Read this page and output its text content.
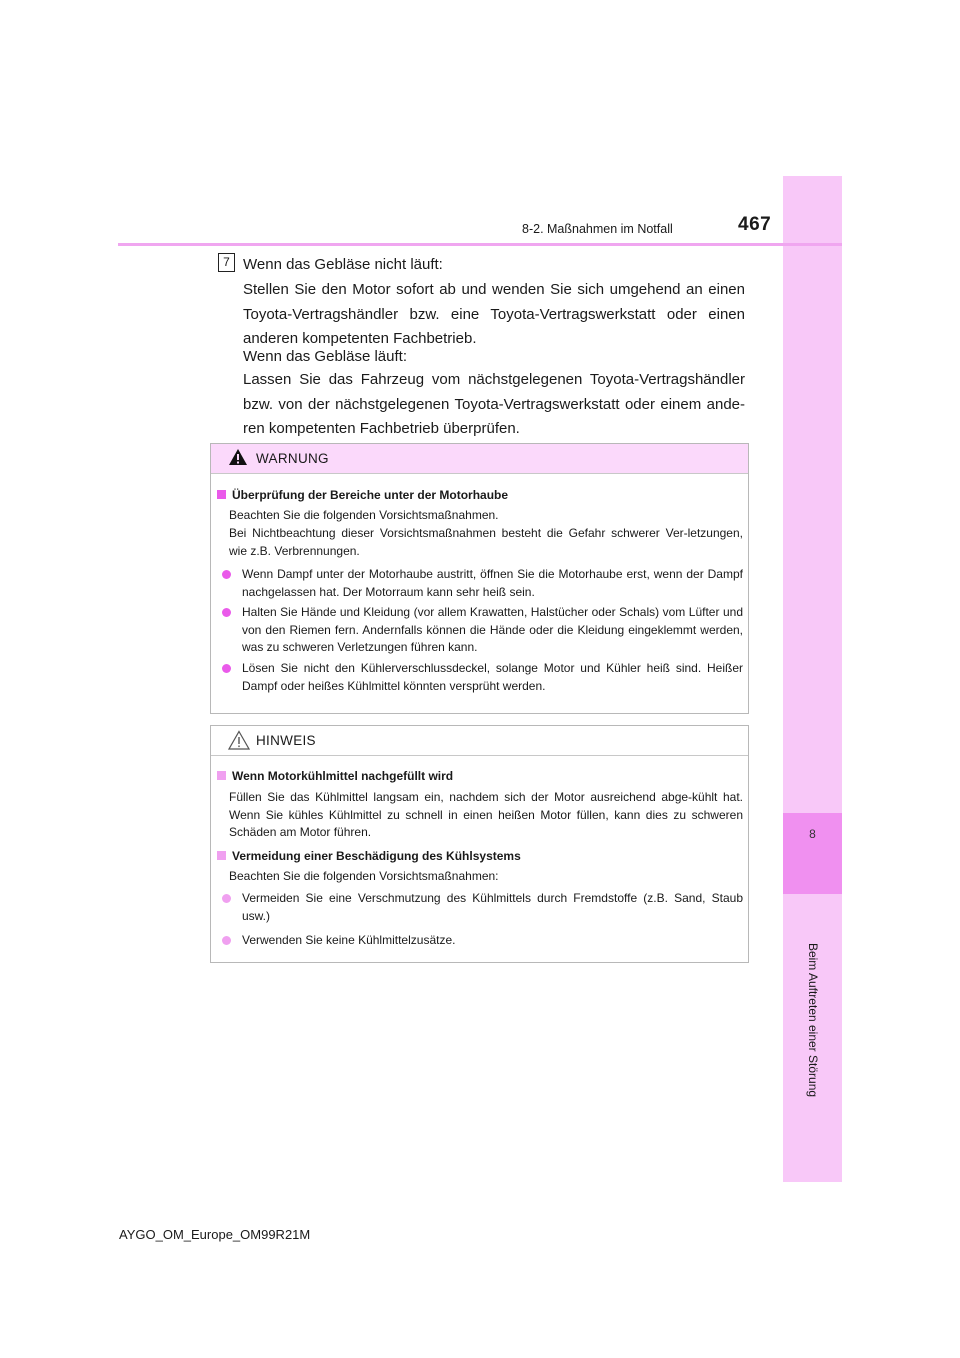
8
Beim Auftreten einer Störung
8-2. Maßnahmen im Notfall	467
7 Wenn das Gebläse nicht läuft:

Stellen Sie den Motor sofort ab und wenden Sie sich umgehend an einen Toyota-Vertragshändler bzw. eine Toyota-Vertragswerkstatt oder einen anderen kompetenten Fachbetrieb.

Wenn das Gebläse läuft:

Lassen Sie das Fahrzeug vom nächstgelegenen Toyota-Vertragshändler bzw. von der nächstgelegenen Toyota-Vertragswerkstatt oder einem ande-ren kompetenten Fachbetrieb überprüfen.

WARNUNG
Überprüfung der Bereiche unter der Motorhaube

Beachten Sie die folgenden Vorsichtsmaßnahmen.

Bei Nichtbeachtung dieser Vorsichtsmaßnahmen besteht die Gefahr schwerer Ver-letzungen, wie z.B. Verbrennungen.

Wenn Dampf unter der Motorhaube austritt, öffnen Sie die Motorhaube erst, wenn der Dampf nachgelassen hat. Der Motorraum kann sehr heiß sein.

Halten Sie Hände und Kleidung (vor allem Krawatten, Halstücher oder Schals) vom Lüfter und von den Riemen fern. Andernfalls können die Hände oder die Kleidung eingeklemmt werden, was zu schweren Verletzungen führen kann.

Lösen Sie nicht den Kühlerverschlussdeckel, solange Motor und Kühler heiß sind. Heißer Dampf oder heißes Kühlmittel könnten versprüht werden.

HINWEIS
Wenn Motorkühlmittel nachgefüllt wird

Füllen Sie das Kühlmittel langsam ein, nachdem sich der Motor ausreichend abge-kühlt hat. Wenn Sie kühles Kühlmittel zu schnell in einen heißen Motor füllen, kann dies zu schweren Schäden am Motor führen.

Vermeidung einer Beschädigung des Kühlsystems

Beachten Sie die folgenden Vorsichtsmaßnahmen:

Vermeiden Sie eine Verschmutzung des Kühlmittels durch Fremdstoffe (z.B. Sand, Staub usw.)

Verwenden Sie keine Kühlmittelzusätze.

AYGO_OM_Europe_OM99R21M
